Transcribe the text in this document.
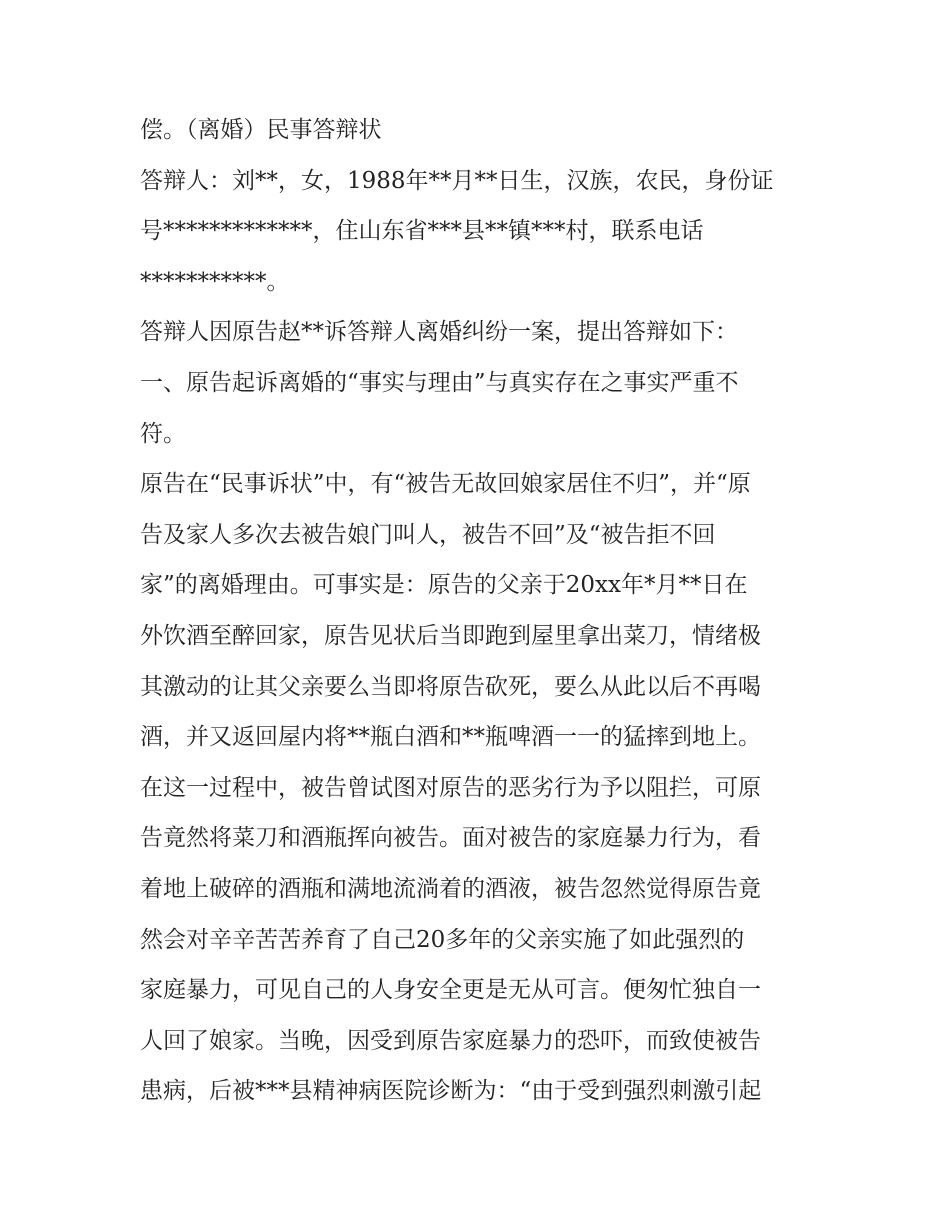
偿。（离婚）民事答辩状
答辩人：刘**，女，1988年**月**日生，汉族，农民，身份证
号*************，住山东省***县**镇***村，联系电话
***********。
答辩人因原告赵**诉答辩人离婚纠纷一案，提出答辩如下：
一、原告起诉离婚的“事实与理由”与真实存在之事实严重不
符。
原告在“民事诉状”中，有“被告无故回娘家居住不归”，并“原
告及家人多次去被告娘门叫人，被告不回”及“被告拒不回
家”的离婚理由。可事实是：原告的父亲于20xx年*月**日在
外饮酒至醉回家，原告见状后当即跑到屋里拿出菜刀，情绪极
其激动的让其父亲要么当即将原告砍死，要么从此以后不再喝
酒，并又返回屋内将**瓶白酒和**瓶啤酒一一的猛摔到地上。
在这一过程中，被告曾试图对原告的恶劣行为予以阻拦，可原
告竟然将菜刀和酒瓶挥向被告。面对被告的家庭暴力行为，看
着地上破碎的酒瓶和满地流淌着的酒液，被告忽然觉得原告竟
然会对辛辛苦苦养育了自己20多年的父亲实施了如此强烈的
家庭暴力，可见自己的人身安全更是无从可言。便匆忙独自一
人回了娘家。当晚，因受到原告家庭暴力的恐吓，而致使被告
患病，后被***县精神病医院诊断为：“由于受到强烈刺激引起
